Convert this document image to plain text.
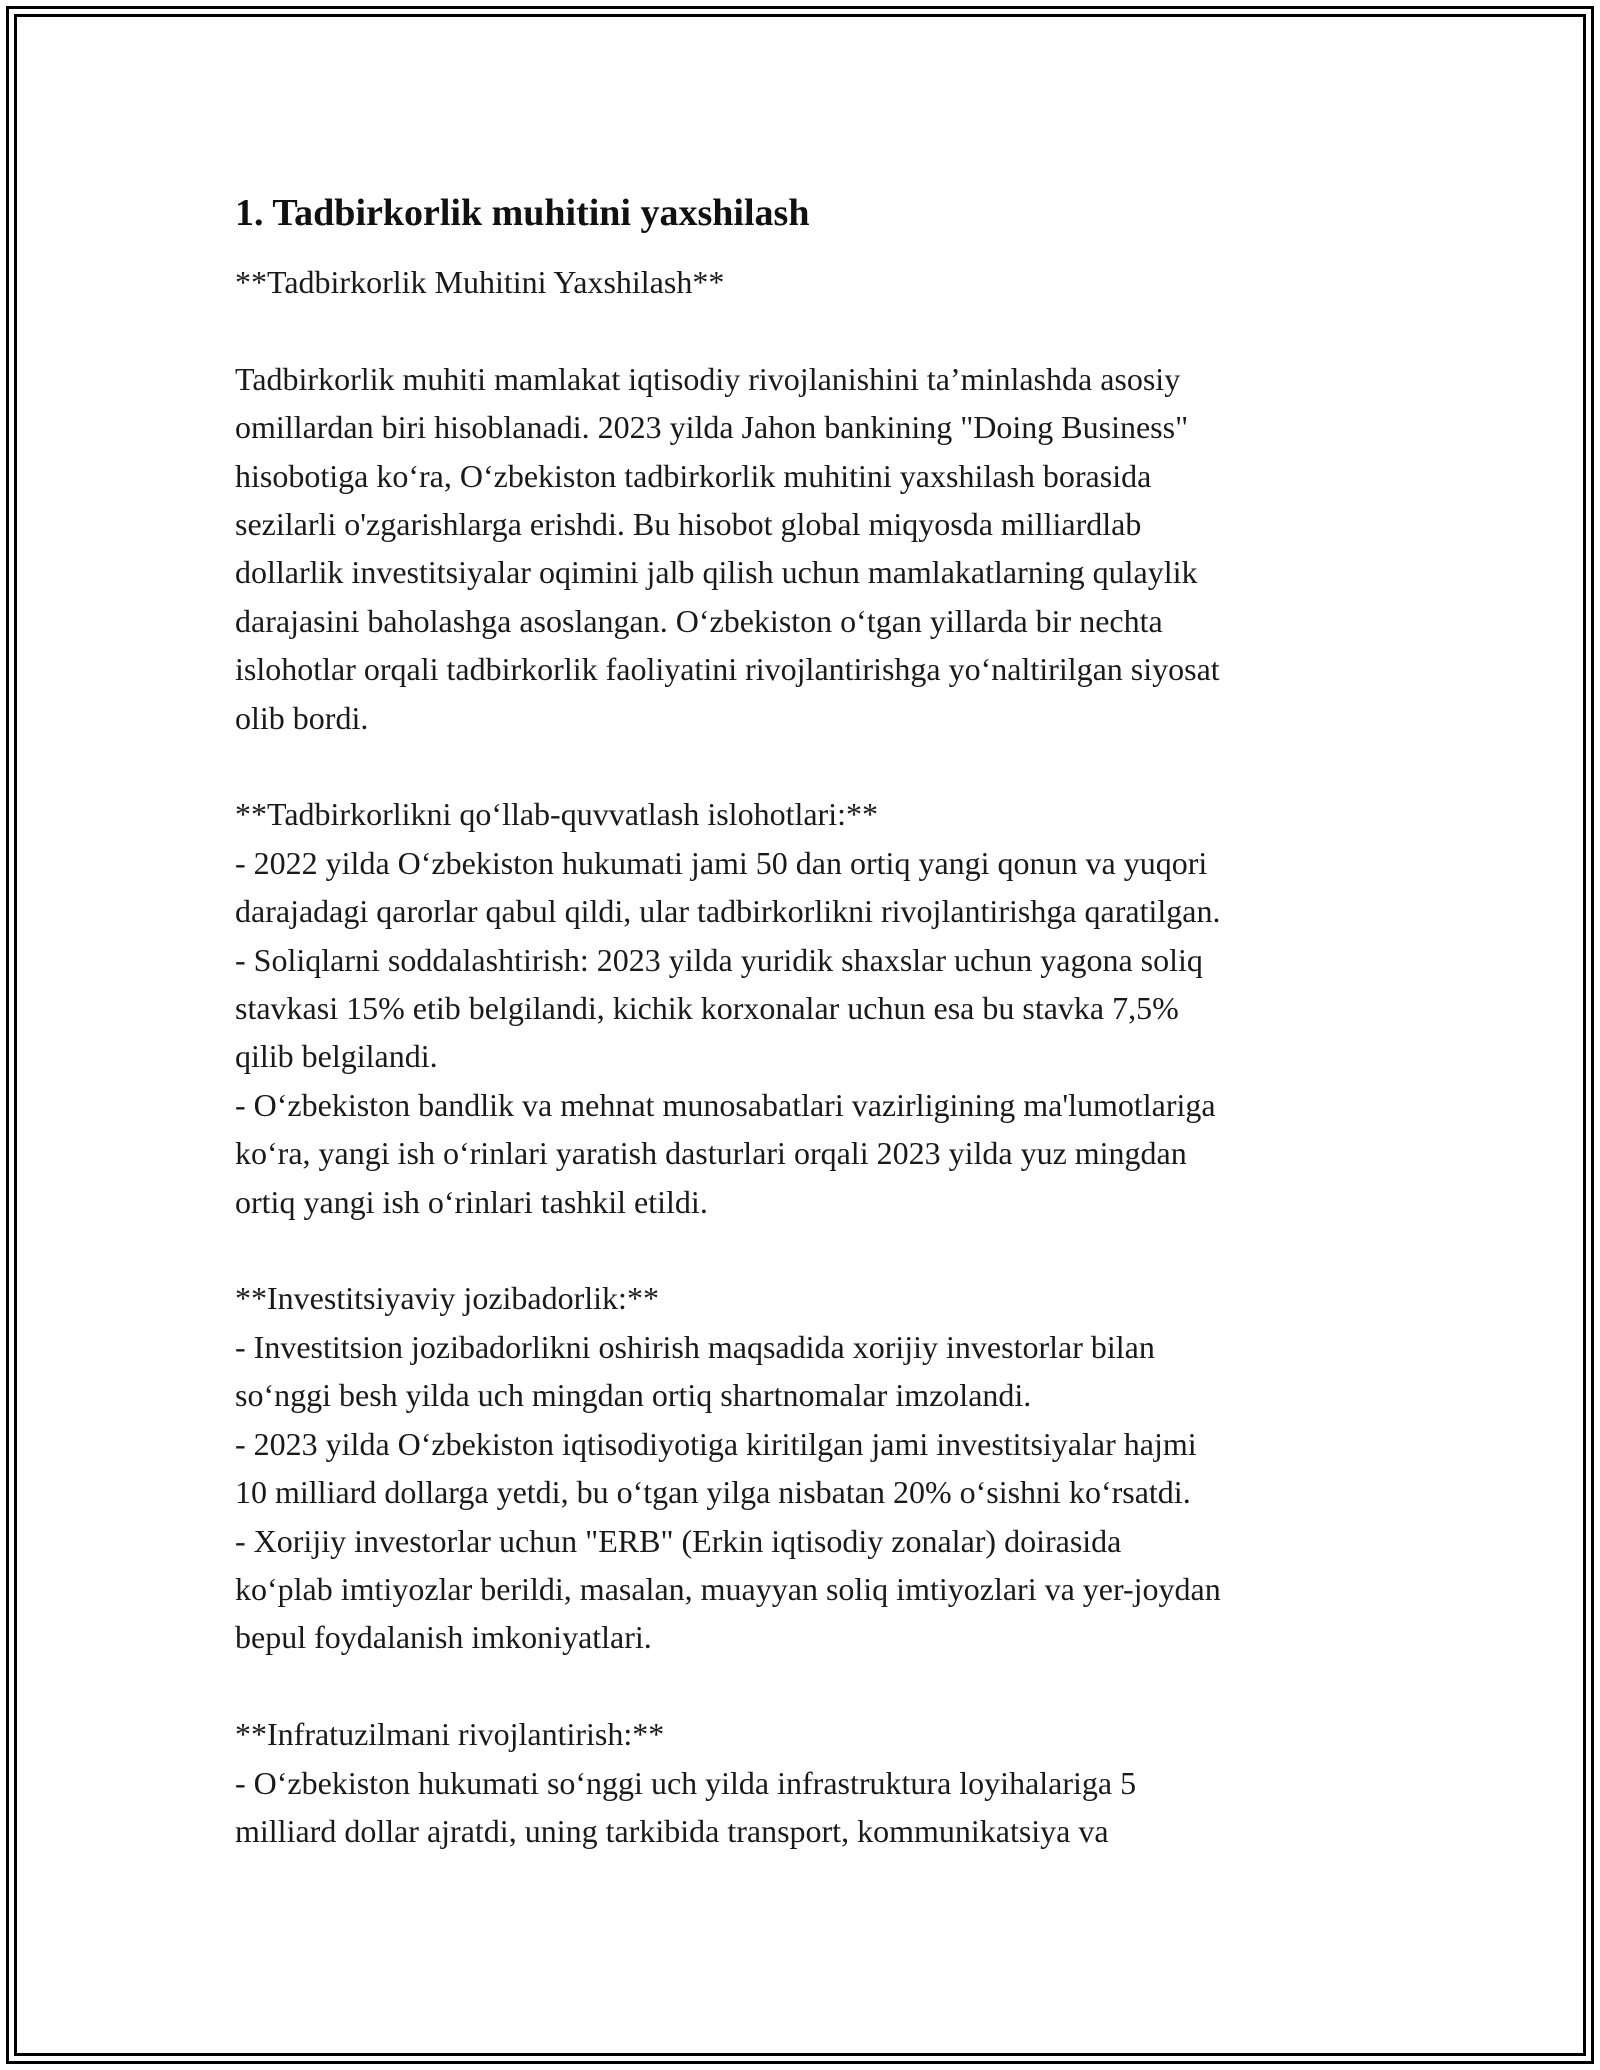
1. Tadbirkorlik muhitini yaxshilash

**Tadbirkorlik Muhitini Yaxshilash**

Tadbirkorlik muhiti mamlakat iqtisodiy rivojlanishini ta’minlashda asosiy
omillardan biri hisoblanadi. 2023 yilda Jahon bankining "Doing Business"
hisobotiga ko‘ra, O‘zbekiston tadbirkorlik muhitini yaxshilash borasida
sezilarli o'zgarishlarga erishdi. Bu hisobot global miqyosda milliardlab
dollarlik investitsiyalar oqimini jalb qilish uchun mamlakatlarning qulaylik
darajasini baholashga asoslangan. O‘zbekiston o‘tgan yillarda bir nechta
islohotlar orqali tadbirkorlik faoliyatini rivojlantirishga yo‘naltirilgan siyosat
olib bordi.

**Tadbirkorlikni qo‘llab-quvvatlash islohotlari:**

- 2022 yilda O‘zbekiston hukumati jami 50 dan ortiq yangi qonun va yuqori
darajadagi qarorlar qabul qildi, ular tadbirkorlikni rivojlantirishga qaratilgan.

- Soliqlarni soddalashtirish: 2023 yilda yuridik shaxslar uchun yagona soliq
stavkasi 15% etib belgilandi, kichik korxonalar uchun esa bu stavka 7,5%
qilib belgilandi.

- O‘zbekiston bandlik va mehnat munosabatlari vazirligining ma'lumotlariga
ko‘ra, yangi ish o‘rinlari yaratish dasturlari orqali 2023 yilda yuz mingdan
ortiq yangi ish o‘rinlari tashkil etildi.

**Investitsiyaviy jozibadorlik:**

- Investitsion jozibadorlikni oshirish maqsadida xorijiy investorlar bilan
so‘nggi besh yilda uch mingdan ortiq shartnomalar imzolandi.

- 2023 yilda O‘zbekiston iqtisodiyotiga kiritilgan jami investitsiyalar hajmi
10 milliard dollarga yetdi, bu o‘tgan yilga nisbatan 20% o‘sishni ko‘rsatdi.

- Xorijiy investorlar uchun "ERB" (Erkin iqtisodiy zonalar) doirasida
ko‘plab imtiyozlar berildi, masalan, muayyan soliq imtiyozlari va yer-joydan
bepul foydalanish imkoniyatlari.

**Infratuzilmani rivojlantirish:**

- O‘zbekiston hukumati so‘nggi uch yilda infrastruktura loyihalariga 5
milliard dollar ajratdi, uning tarkibida transport, kommunikatsiya va
